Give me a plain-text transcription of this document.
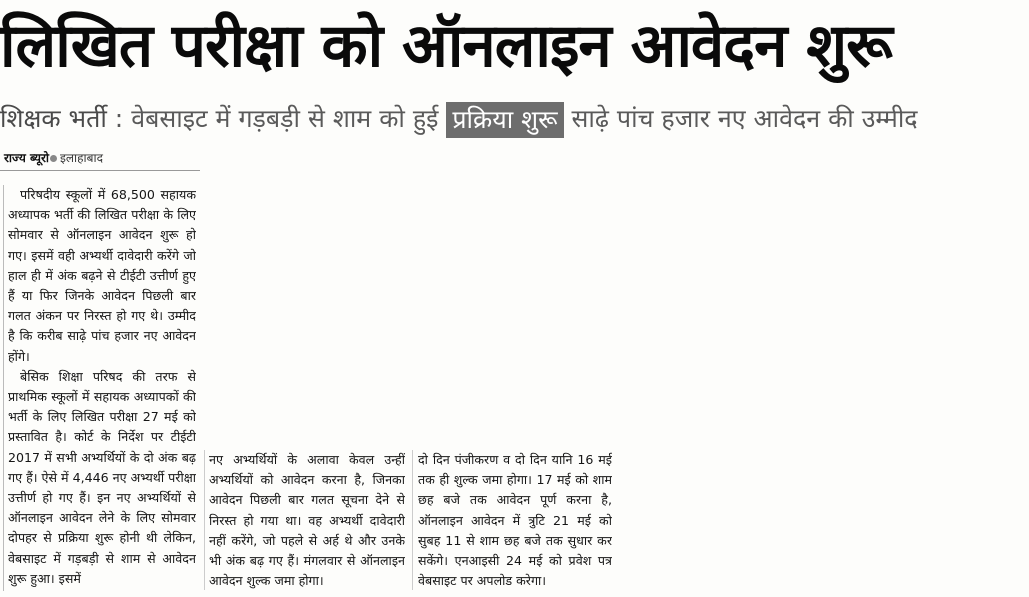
लिखित परीक्षा को ऑनलाइन आवेदन शुरू
शिक्षक भर्ती : वेबसाइट में गड़बड़ी से शाम को हुई प्रक्रिया शुरू साढ़े पांच हजार नए आवेदन की उम्मीद
राज्य ब्यूरो इलाहाबाद

परिषदीय स्कूलों में 68,500 सहायक अध्यापक भर्ती की लिखित परीक्षा के लिए सोमवार से ऑनलाइन आवेदन शुरू हो गए। इसमें वही अभ्यर्थी दावेदारी करेंगे जो हाल ही में अंक बढ़ने से टीईटी उत्तीर्ण हुए हैं या फिर जिनके आवेदन पिछली बार गलत अंकन पर निरस्त हो गए थे। उम्मीद है कि करीब साढ़े पांच हजार नए आवेदन होंगे।

बेसिक शिक्षा परिषद की तरफ से प्राथमिक स्कूलों में सहायक अध्यापकों की भर्ती के लिए लिखित परीक्षा 27 मई को प्रस्तावित है। कोर्ट के निर्देश पर टीईटी 2017 में सभी अभ्यर्थियों के दो अंक बढ़ गए हैं। ऐसे में 4,446 नए अभ्यर्थी परीक्षा उत्तीर्ण हो गए हैं। इन नए अभ्यर्थियों से ऑनलाइन आवेदन लेने के लिए सोमवार दोपहर से प्रक्रिया शुरू होनी थी लेकिन, वेबसाइट में गड़बड़ी से शाम से आवेदन शुरू हुआ। इसमें

नए अभ्यर्थियों के अलावा केवल उन्हीं अभ्यर्थियों को आवेदन करना है, जिनका आवेदन पिछली बार गलत सूचना देने से निरस्त हो गया था। वह अभ्यर्थी दावेदारी नहीं करेंगे, जो पहले से अर्ह थे और उनके भी अंक बढ़ गए हैं। मंगलवार से ऑनलाइन आवेदन शुल्क जमा होगा।

दो दिन पंजीकरण व दो दिन यानि 16 मई तक ही शुल्क जमा होगा। 17 मई को शाम छह बजे तक आवेदन पूर्ण करना है, ऑनलाइन आवेदन में त्रुटि 21 मई को सुबह 11 से शाम छह बजे तक सुधार कर सकेंगे। एनआइसी 24 मई को प्रवेश पत्र वेबसाइट पर अपलोड करेगा।
